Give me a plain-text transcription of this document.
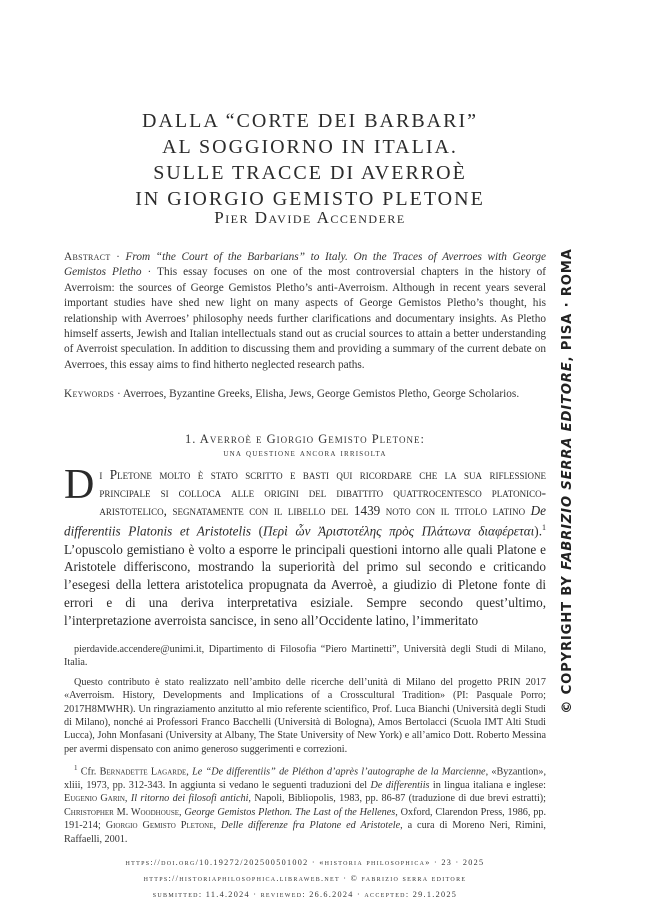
DALLA “CORTE DEI BARBARI”
AL SOGGIORNO IN ITALIA.
SULLE TRACCE DI AVERROÈ
IN GIORGIO GEMISTO PLETONE
Pier Davide Accendere
Abstract · From “the Court of the Barbarians” to Italy. On the Traces of Averroes with George Gemistos Pletho · This essay focuses on one of the most controversial chapters in the history of Averroism: the sources of George Gemistos Pletho’s anti-Averroism. Although in recent years several important studies have shed new light on many aspects of George Gemistos Pletho’s thought, his relationship with Averroes’ philosophy needs further clarifications and documentary insights. As Pletho himself asserts, Jewish and Italian intellectuals stand out as crucial sources to attain a better understanding of Averroist speculation. In addition to discussing them and providing a summary of the current debate on Averroes, this essay aims to find hitherto neglected research paths.
Keywords · Averroes, Byzantine Greeks, Elisha, Jews, George Gemistos Pletho, George Scholarios.
1. Averroè e Giorgio Gemisto Pletone:
una questione ancora irrisolta
Di Pletone molto è stato scritto e basti qui ricordare che la sua riflessione principale si colloca alle origini del dibattito quattrocentesco platonico-aristotelico, segnatamente con il libello del 1439 noto con il titolo latino De differentiis Platonis et Aristotelis (Περὶ ὧν Ἀριστοτέλης πρὸς Πλάτωνα διαφέρεται).$^1$ L’opuscolo gemistiano è volto a esporre le principali questioni intorno alle quali Platone e Aristotele differiscono, mostrando la superiorità del primo sul secondo e criticando l’esegesi della lettera aristotelica propugnata da Averroè, a giudizio di Pletone fonte di errori e di una deriva interpretativa esiziale. Sempre secondo quest’ultimo, l’interpretazione averroista sancisce, in seno all’Occidente latino, l’immeritato

pierdavide.accendere@unimi.it, Dipartimento di Filosofia “Piero Martinetti”, Università degli Studi di Milano, Italia.

Questo contributo è stato realizzato nell’ambito delle ricerche dell’unità di Milano del progetto PRIN 2017 «Averroism. History, Developments and Implications of a Crosscultural Tradition» (PI: Pasquale Porro; 2017H8MWHR). Un ringraziamento anzitutto al mio referente scientifico, Prof. Luca Bianchi (Università degli Studi di Milano), nonché ai Professori Franco Bacchelli (Università di Bologna), Amos Bertolacci (Scuola IMT Alti Studi Lucca), John Monfasani (University at Albany, The State University of New York) e all’amico Dott. Roberto Messina per avermi dispensato con animo generoso suggerimenti e correzioni.

$^1$ Cfr. Bernadette Lagarde, Le “De differentiis” de Pléthon d’après l’autographe de la Marcienne, «Byzantion», xliii, 1973, pp. 312-343. In aggiunta si vedano le seguenti traduzioni del De differentiis in lingua italiana e inglese: Eugenio Garin, Il ritorno dei filosofi antichi, Napoli, Bibliopolis, 1983, pp. 86-87 (traduzione di due brevi estratti); Christopher M. Woodhouse, George Gemistos Plethon. The Last of the Hellenes, Oxford, Clarendon Press, 1986, pp. 191-214; Giorgio Gemisto Pletone, Delle differenze fra Platone ed Aristotele, a cura di Moreno Neri, Rimini, Raffaelli, 2001.

https://doi.org/10.19272/202500501002 · «historia philosophica» · 23 · 2025
https://historiaphilosophica.libraweb.net · © fabrizio serra editore
submitted: 11.4.2024 · reviewed: 26.6.2024 · accepted: 29.1.2025
© COPYRIGHT BY FABRIZIO SERRA EDITORE, PISA · ROMA
